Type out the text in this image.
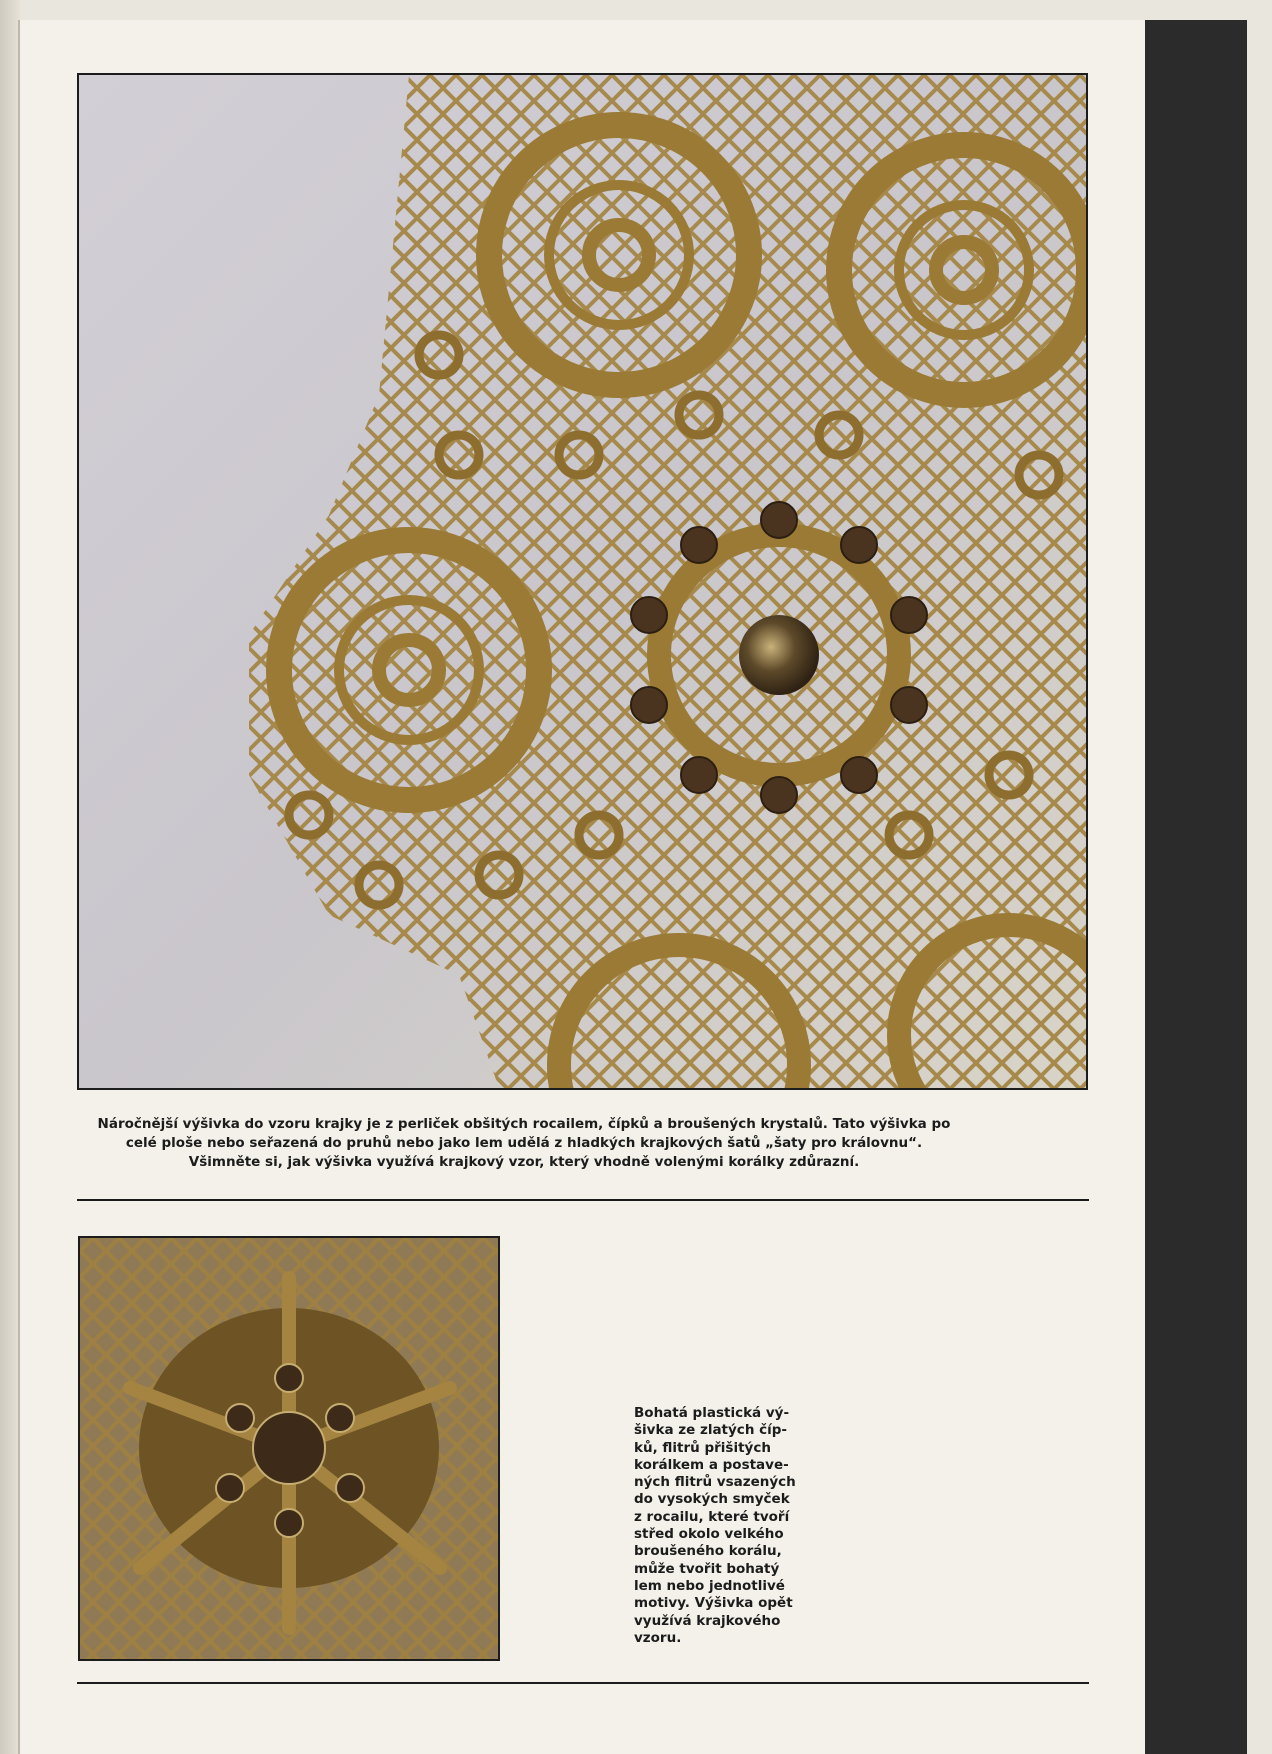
Náročnější výšivka do vzoru krajky je z perliček obšitých rocailem, čípků a broušených krystalů. Tato výšivka po
celé ploše nebo seřazená do pruhů nebo jako lem udělá z hladkých krajkových šatů „šaty pro královnu“.
Všimněte si, jak výšivka využívá krajkový vzor, který vhodně volenými korálky zdůrazní.
Bohatá plastická vý-
šivka ze zlatých číp-
ků, flitrů přišitých
korálkem a postave-
ných flitrů vsazených
do vysokých smyček
z rocailu, které tvoří
střed okolo velkého
broušeného korálu,
může tvořit bohatý
lem nebo jednotlivé
motivy. Výšivka opět
využívá krajkového
vzoru.
